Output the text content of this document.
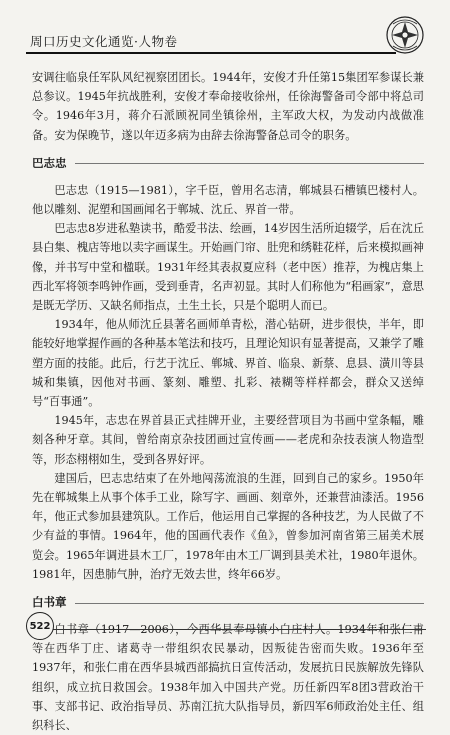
周口历史文化通览·人物卷

安调往临泉任军队风纪视察团团长。1944年，安俊才升任第15集团军参谋长兼总参议。1945年抗战胜利，安俊才奉命接收徐州，任徐海警备司令部中将总司令。1946年3月，蒋介石派顾祝同坐镇徐州，主军政大权，为发动内战做准备。安为保晚节，遂以年迈多病为由辞去徐海警备总司令的职务。

巴志忠

巴志忠（1915—1981），字千臣，曾用名志清，郸城县石槽镇巴楼村人。他以雕刻、泥塑和国画闻名于郸城、沈丘、界首一带。

巴志忠8岁进私塾读书，酷爱书法、绘画，14岁因生活所迫辍学，后在沈丘县白集、槐店等地以卖字画谋生。开始画门帘、肚兜和绣鞋花样，后来模拟画神像，并书写中堂和楹联。1931年经其表叔夏应科（老中医）推荐，为槐店集上西北军将领李鸣钟作画，受到垂青，名声初显。其时人们称他为“稆画家”，意思是既无学历、又缺名师指点，土生土长，只是个聪明人而已。

1934年，他从师沈丘县著名画师单青松，潜心钻研，进步很快，半年，即能较好地掌握作画的各种基本笔法和技巧，且理论知识有显著提高，又兼学了雕塑方面的技能。此后，行艺于沈丘、郸城、界首、临泉、新蔡、息县、潢川等县城和集镇，因他对书画、篆刻、雕塑、扎彩、裱糊等样样都会，群众又送绰号“百事通”。

1945年，志忠在界首县正式挂牌开业，主要经营项目为书画中堂条幅，雕刻各种牙章。其间，曾给南京杂技团画过宣传画——老虎和杂技表演人物造型等，形态栩栩如生，受到各界好评。

建国后，巴志忠结束了在外地闯荡流浪的生涯，回到自己的家乡。1950年先在郸城集上从事个体手工业，除写字、画画、刻章外，还兼营油漆活。1956年，他正式参加县建筑队。工作后，他运用自己掌握的各种技艺，为人民做了不少有益的事情。1964年，他的国画代表作《鱼》，曾参加河南省第三届美术展览会。1965年调进县木工厂，1978年由木工厂调到县美术社，1980年退休。1981年，因患肺气肿，治疗无效去世，终年66岁。

白书章

白书章（1917—2006），今西华县奉母镇小白庄村人。1934年和张仁甫等在西华丁庄、诸葛寺一带组织农民暴动，因叛徒告密而失败。1936年至1937年，和张仁甫在西华县城西部搞抗日宣传活动，发展抗日民族解放先锋队组织，成立抗日救国会。1938年加入中国共产党。历任新四军8团3营政治干事、支部书记、政治指导员、苏南江抗大队指导员，新四军6师政治处主任、组织科长、

522
